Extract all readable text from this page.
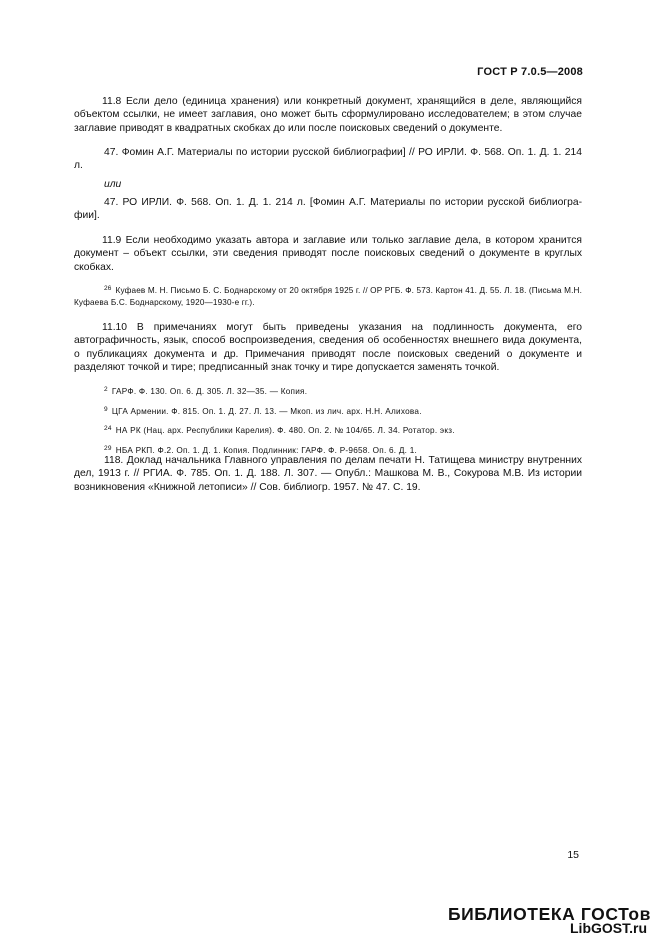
ГОСТ Р 7.0.5—2008

11.8 Если дело (единица хранения) или конкретный документ, хранящийся в деле, являющийся объектом ссылки, не имеет заглавия, оно может быть сформулировано исследователем; в этом случае заглавие приводят в квадратных скобках до или после поисковых сведений о документе.

47. Фомин А.Г. Материалы по истории русской библиографии] // РО ИРЛИ. Ф. 568. Оп. 1. Д. 1. 214 л.

или

47. РО ИРЛИ. Ф. 568. Оп. 1. Д. 1. 214 л. [Фомин А.Г. Материалы по истории русской библиогра-фии].

11.9 Если необходимо указать автора и заглавие или только заглавие дела, в котором хранится документ – объект ссылки, эти сведения приводят после поисковых сведений о документе в круглых скобках.

$^{26}$ Куфаев М. Н. Письмо Б. С. Боднарскому от 20 октября 1925 г. // ОР РГБ. Ф. 573. Картон 41. Д. 55. Л. 18. (Письма М.Н. Куфаева Б.С. Боднарскому, 1920—1930-е гг.).

11.10 В примечаниях могут быть приведены указания на подлинность документа, его автографичность, язык, способ воспроизведения, сведения об особенностях внешнего вида документа, о публикациях документа и др. Примечания приводят после поисковых сведений о документе и разделяют точкой и тире; предписанный знак точку и тире допускается заменять точкой.

$^2$ ГАРФ. Ф. 130. Оп. 6. Д. 305. Л. 32—35. — Копия.

$^9$ ЦГА Армении. Ф. 815. Оп. 1. Д. 27. Л. 13. — Мкоп. из лич. арх. Н.Н. Алихова.

$^{24}$ НА РК (Нац. арх. Республики Карелия). Ф. 480. Оп. 2. № 104/65. Л. 34. Ротатор. экз.

$^{29}$ НБА РКП. Ф.2. Оп. 1. Д. 1. Копия. Подлинник: ГАРФ. Ф. Р-9658. Оп. 6. Д. 1.

118. Доклад начальника Главного управления по делам печати Н. Татищева министру внутренних дел, 1913 г. // РГИА. Ф. 785. Оп. 1. Д. 188. Л. 307. — Опубл.: Машкова М. В., Сокурова М.В. Из истории возникновения «Книжной летописи» // Сов. библиогр. 1957. № 47. С. 19.

15
БИБЛИОТЕКА ГОСТов
LibGOST.ru
